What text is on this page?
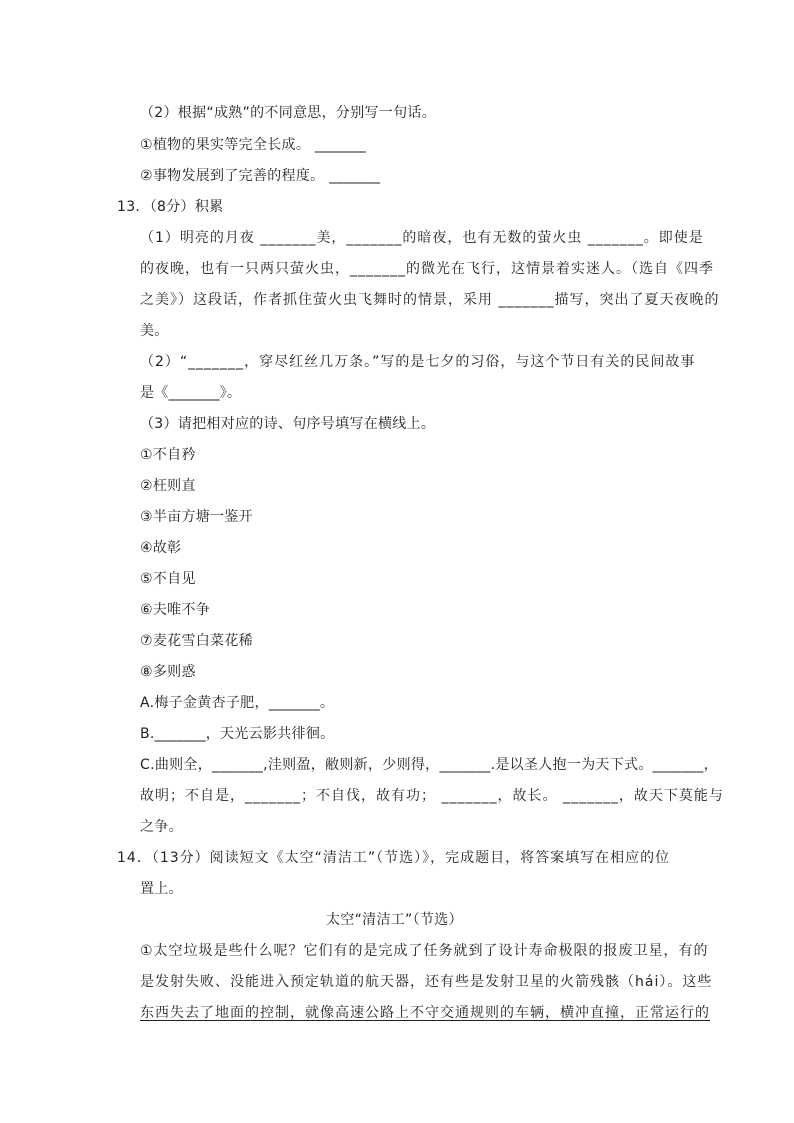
（2）根据“成熟”的不同意思，分别写一句话。
①植物的果实等完全长成。 _______
②事物发展到了完善的程度。 _______
13．（8分）积累
（1）明亮的月夜 _______美，_______的暗夜，也有无数的萤火虫 _______。即使是
的夜晚，也有一只两只萤火虫，_______的微光在飞行，这情景着实迷人。（选自《四季
之美》）这段话，作者抓住萤火虫飞舞时的情景，采用 _______描写，突出了夏天夜晚的
美。
（2）“_______，穿尽红丝几万条。”写的是七夕的习俗，与这个节日有关的民间故事
是《_______》。
（3）请把相对应的诗、句序号填写在横线上。
①不自矜
②枉则直
③半亩方塘一鉴开
④故彰
⑤不自见
⑥夫唯不争
⑦麦花雪白菜花稀
⑧多则惑
A.梅子金黄杏子肥，_______。
B._______，天光云影共徘徊。
C.曲则全，_______,洼则盈，敝则新，少则得，_______.是以圣人抱一为天下式。_______，
故明；不自是，_______；不自伐，故有功； _______，故长。 _______，故天下莫能与
之争。
14．（13分）阅读短文《太空“清洁工”（节选）》，完成题目，将答案填写在相应的位
置上。
太空“清洁工”（节选）
①太空垃圾是些什么呢？它们有的是完成了任务就到了设计寿命极限的报废卫星，有的
是发射失败、没能进入预定轨道的航天器，还有些是发射卫星的火箭残骸（hái）。这些
东西失去了地面的控制，就像高速公路上不守交通规则的车辆，横冲直撞，正常运行的
